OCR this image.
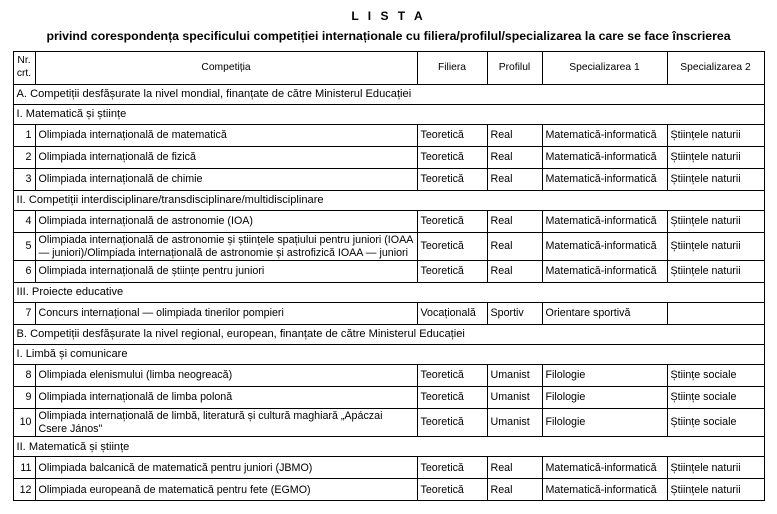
L I S T A
privind corespondența specificului competiției internaționale cu filiera/profilul/specializarea la care se face înscrierea
Nr.
crt.	Competiția	Filiera	Profilul	Specializarea 1	Specializarea 2
A. Competiții desfășurate la nivel mondial, finanțate de către Ministerul Educației					
I. Matematică și științe					
1	Olimpiada internațională de matematică	Teoretică	Real	Matematică-informatică	Științele naturii
2	Olimpiada internațională de fizică	Teoretică	Real	Matematică-informatică	Științele naturii
3	Olimpiada internațională de chimie	Teoretică	Real	Matematică-informatică	Științele naturii
II. Competiții interdisciplinare/transdisciplinare/multidisciplinare					
4	Olimpiada internațională de astronomie (IOA)	Teoretică	Real	Matematică-informatică	Științele naturii
5	Olimpiada internațională de astronomie și științele spațiului pentru juniori (IOAA — juniori)/Olimpiada internațională de astronomie și astrofizică IOAA — juniori	Teoretică	Real	Matematică-informatică	Științele naturii
6	Olimpiada internațională de științe pentru juniori	Teoretică	Real	Matematică-informatică	Științele naturii
III. Proiecte educative					
7	Concurs internațional — olimpiada tinerilor pompieri	Vocațională	Sportiv	Orientare sportivă	
B. Competiții desfășurate la nivel regional, european, finanțate de către Ministerul Educației					
I. Limbă și comunicare					
8	Olimpiada elenismului (limba neogreacă)	Teoretică	Umanist	Filologie	Științe sociale
9	Olimpiada internațională de limba polonă	Teoretică	Umanist	Filologie	Științe sociale
10	Olimpiada internațională de limbă, literatură și cultură maghiară „Apáczai Csere János"	Teoretică	Umanist	Filologie	Științe sociale
II. Matematică și științe					
11	Olimpiada balcanică de matematică pentru juniori (JBMO)	Teoretică	Real	Matematică-informatică	Științele naturii
12	Olimpiada europeană de matematică pentru fete (EGMO)	Teoretică	Real	Matematică-informatică	Științele naturii
